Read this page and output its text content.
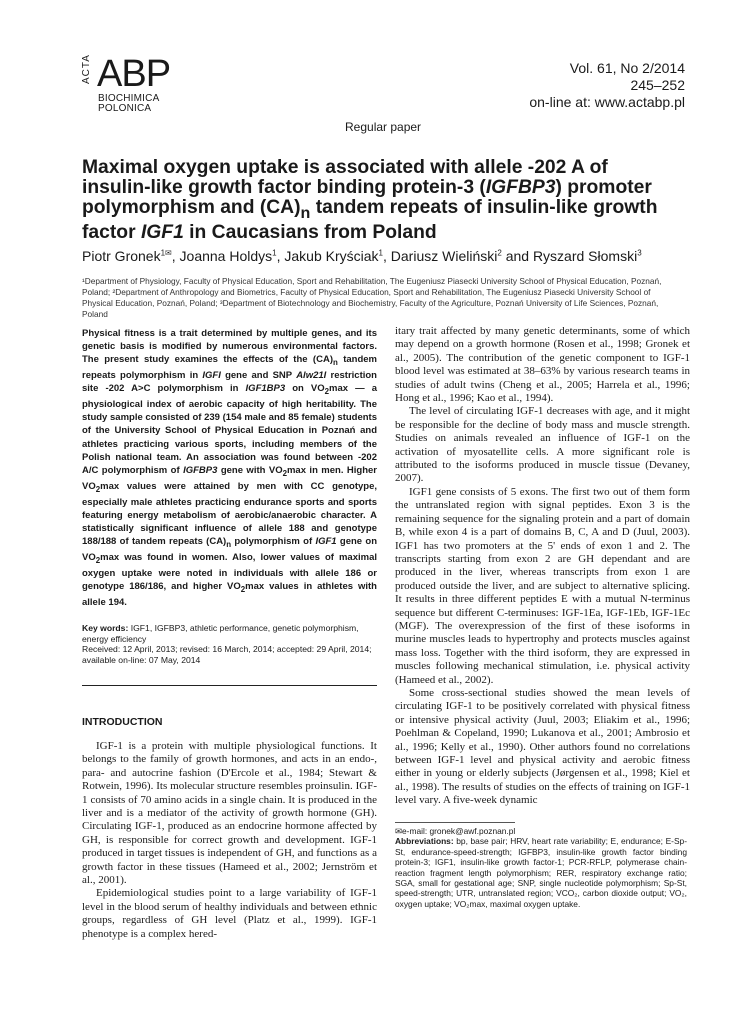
ACTA ABP
BIOCHIMICA
POLONICA
Vol. 61, No 2/2014
245–252
on-line at: www.actabp.pl
Regular paper
Maximal oxygen uptake is associated with allele -202 A of
insulin-like growth factor binding protein-3 (IGFBP3) promoter
polymorphism and $(CA)_n$ tandem repeats of insulin-like growth
factor IGF1 in Caucasians from Poland
Piotr Gronek$^{1✉}$, Joanna Holdys$^1$, Jakub Kryściak$^1$, Dariusz Wieliński$^2$ and Ryszard Słomski$^3$
¹Department of Physiology, Faculty of Physical Education, Sport and Rehabilitation, The Eugeniusz Piasecki University School of Physical Education, Poznań, Poland; ²Department of Anthropology and Biometrics, Faculty of Physical Education, Sport and Rehabilitation, The Eugeniusz Piasecki University School of Physical Education, Poznań, Poland; ³Department of Biotechnology and Biochemistry, Faculty of the Agriculture, Poznań University of Life Sciences, Poznań, Poland
Physical fitness is a trait determined by multiple genes, and its genetic basis is modified by numerous environmental factors. The present study examines the effects of the $(CA)_n$ tandem repeats polymorphism in IGFI gene and SNP Alw21I restriction site -202 A>C polymorphism in IGF1BP3 on $VO_2\max$ — a physiological index of aerobic capacity of high heritability. The study sample consisted of 239 (154 male and 85 female) students of the University School of Physical Education in Poznań and athletes practicing various sports, including members of the Polish national team. An association was found between -202 A/C polymorphism of IGFBP3 gene with $VO_2\max$ in men. Higher $VO_2\max$ values were attained by men with CC genotype, especially male athletes practicing endurance sports and sports featuring energy metabolism of aerobic/anaerobic character. A statistically significant influence of allele 188 and genotype 188/188 of tandem repeats $(CA)_n$ polymorphism of IGF1 gene on $VO_2\max$ was found in women. Also, lower values of maximal oxygen uptake were noted in individuals with allele 186 or genotype 186/186, and higher $VO_2\max$ values in athletes with allele 194.
Key words: IGF1, IGFBP3, athletic performance, genetic polymorphism, energy efficiency
Received: 12 April, 2013; revised: 16 March, 2014; accepted: 29 April, 2014; available on-line: 07 May, 2014
INTRODUCTION

IGF-1 is a protein with multiple physiological functions. It belongs to the family of growth hormones, and acts in an endo-, para- and autocrine fashion (D'Ercole et al., 1984; Stewart & Rotwein, 1996). Its molecular structure resembles proinsulin. IGF-1 consists of 70 amino acids in a single chain. It is produced in the liver and is a mediator of the activity of growth hormone (GH). Circulating IGF-1, produced as an endocrine hormone affected by GH, is responsible for correct growth and development. IGF-1 produced in target tissues is independent of GH, and functions as a growth factor in these tissues (Hameed et al., 2002; Jernström et al., 2001).

Epidemiological studies point to a large variability of IGF-1 level in the blood serum of healthy individuals and between ethnic groups, regardless of GH level (Platz et al., 1999). IGF-1 phenotype is a complex hered-

itary trait affected by many genetic determinants, some of which may depend on a growth hormone (Rosen et al., 1998; Gronek et al., 2005). The contribution of the genetic component to IGF-1 blood level was estimated at 38–63% by various research teams in studies of adult twins (Cheng et al., 2005; Harrela et al., 1996; Hong et al., 1996; Kao et al., 1994).

The level of circulating IGF-1 decreases with age, and it might be responsible for the decline of body mass and muscle strength. Studies on animals revealed an influence of IGF-1 on the activation of myosatellite cells. A more significant role is attributed to the isoforms produced in muscle tissue (Devaney, 2007).

IGF1 gene consists of 5 exons. The first two out of them form the untranslated region with signal peptides. Exon 3 is the remaining sequence for the signaling protein and a part of domain B, while exon 4 is a part of domains B, C, A and D (Juul, 2003). IGF1 has two promoters at the 5' ends of exon 1 and 2. The transcripts starting from exon 2 are GH dependant and are produced in the liver, whereas transcripts from exon 1 are produced outside the liver, and are subject to alternative splicing. It results in three different peptides E with a mutual N-terminus sequence but different C-terminuses: IGF-1Ea, IGF-1Eb, IGF-1Ec (MGF). The overexpression of the first of these isoforms in murine muscles leads to hypertrophy and protects muscles against mass loss. Together with the third isoform, they are expressed in muscles following mechanical stimulation, i.e. physical activity (Hameed et al., 2002).

Some cross-sectional studies showed the mean levels of circulating IGF-1 to be positively correlated with physical fitness or intensive physical activity (Juul, 2003; Eliakim et al., 1996; Poehlman & Copeland, 1990; Lukanova et al., 2001; Ambrosio et al., 1996; Kelly et al., 1990). Other authors found no correlations between IGF-1 level and physical activity and aerobic fitness either in young or elderly subjects (Jørgensen et al., 1998; Kiel et al., 1998). The results of studies on the effects of training on IGF-1 level vary. A five-week dynamic

✉e-mail: gronek@awf.poznan.pl
Abbreviations: bp, base pair; HRV, heart rate variability; E, endurance; E-Sp-St, endurance-speed-strength; IGFBP3, insulin-like growth factor binding protein-3; IGF1, insulin-like growth factor-1; PCR-RFLP, polymerase chain-reaction fragment length polymorphism; RER, respiratory exchange ratio; SGA, small for gestational age; SNP, single nucleotide polymorphism; Sp-St, speed-strength; UTR, untranslated region; VCO₂, carbon dioxide output; VO₂, oxygen uptake; VO₂max, maximal oxygen uptake.
